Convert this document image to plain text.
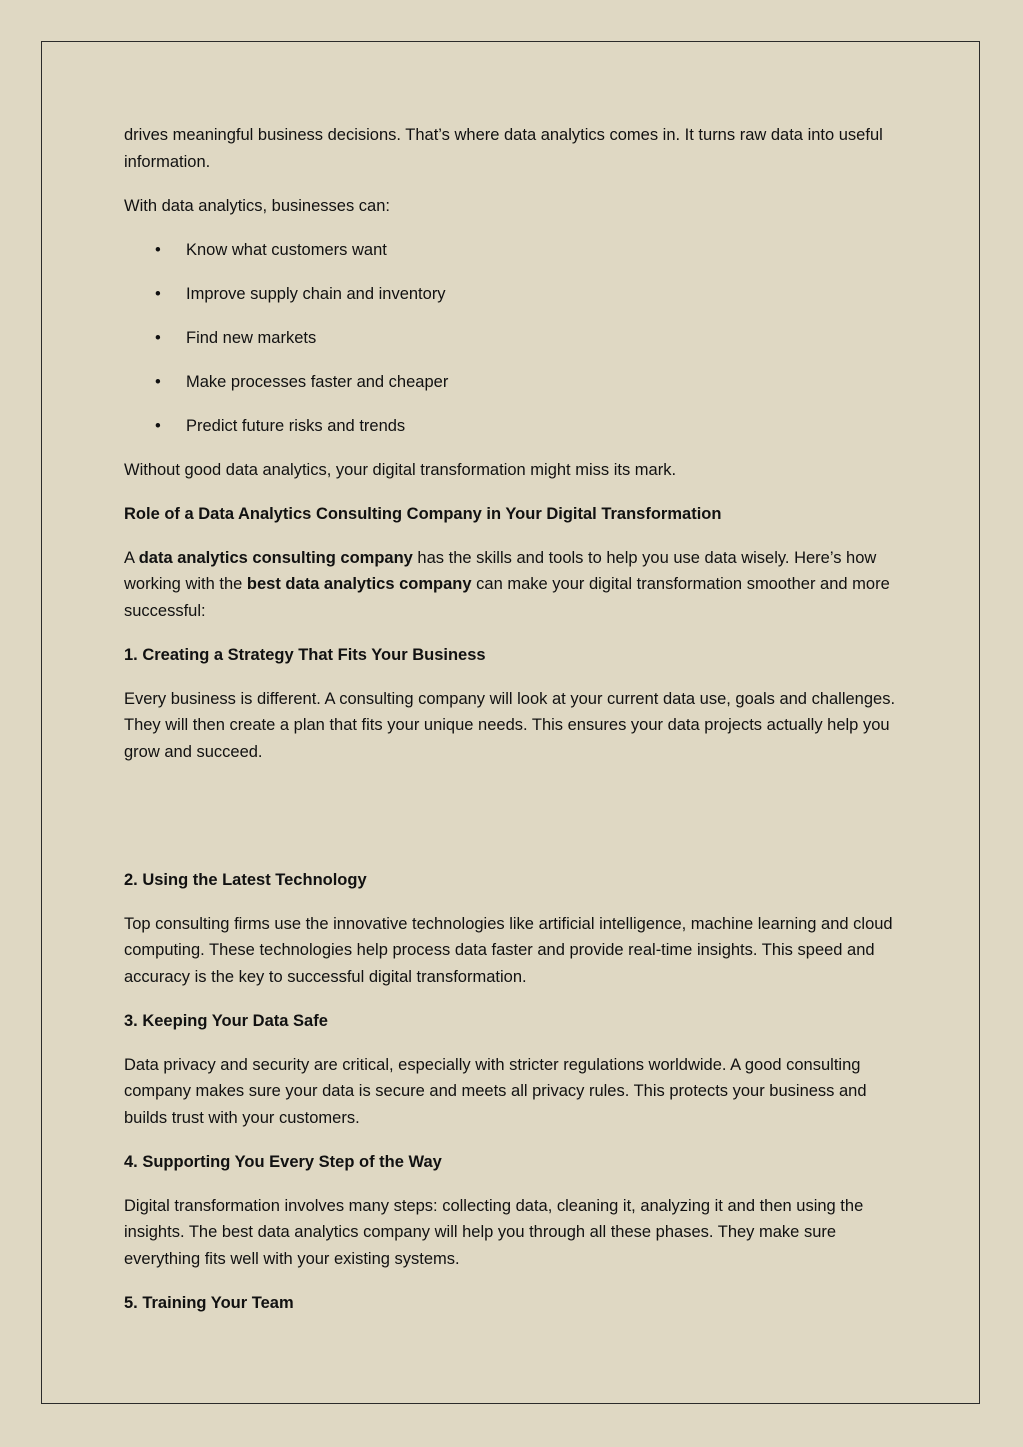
drives meaningful business decisions. That’s where data analytics comes in. It turns raw data into useful information.

With data analytics, businesses can:

• Know what customers want
• Improve supply chain and inventory
• Find new markets
• Make processes faster and cheaper
• Predict future risks and trends

Without good data analytics, your digital transformation might miss its mark.

Role of a Data Analytics Consulting Company in Your Digital Transformation

A data analytics consulting company has the skills and tools to help you use data wisely. Here’s how working with the best data analytics company can make your digital transformation smoother and more successful:

1. Creating a Strategy That Fits Your Business

Every business is different. A consulting company will look at your current data use, goals and challenges. They will then create a plan that fits your unique needs. This ensures your data projects actually help you grow and succeed.

2. Using the Latest Technology

Top consulting firms use the innovative technologies like artificial intelligence, machine learning and cloud computing. These technologies help process data faster and provide real-time insights. This speed and accuracy is the key to successful digital transformation.

3. Keeping Your Data Safe

Data privacy and security are critical, especially with stricter regulations worldwide. A good consulting company makes sure your data is secure and meets all privacy rules. This protects your business and builds trust with your customers.

4. Supporting You Every Step of the Way

Digital transformation involves many steps: collecting data, cleaning it, analyzing it and then using the insights. The best data analytics company will help you through all these phases. They make sure everything fits well with your existing systems.

5. Training Your Team
